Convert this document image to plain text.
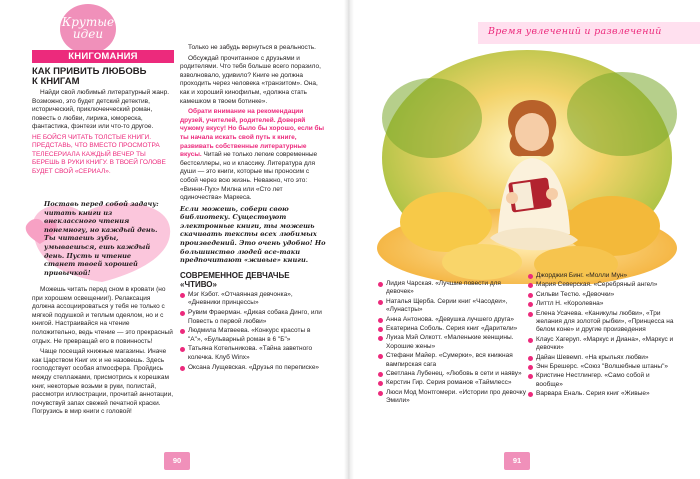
Крутые
идеи
КНИГОМАНИЯ
КАК ПРИВИТЬ ЛЮБОВЬ
К КНИГАМ

Найди свой любимый литературный жанр. Возможно, это будет детский детектив, исторический, приключенческий роман, повесть о любви, лирика, юмореска, фантастика, фэнтези или что-то другое.

НЕ БОЙСЯ ЧИТАТЬ ТОЛСТЫЕ КНИГИ. ПРЕДСТАВЬ, ЧТО ВМЕСТО ПРОСМОТРА ТЕЛЕСЕРИАЛА КАЖДЫЙ ВЕЧЕР ТЫ БЕРЕШЬ В РУКИ КНИГУ. В ТВОЕЙ ГОЛОВЕ БУДЕТ СВОЙ «СЕРИАЛ».

Поставь перед собой задачу: читать книги из внеклассного чтения понемногу, но каждый день. Ты читаешь зубы, умываешься, ешь каждый день. Пусть и чтение станет твоей хорошей привычкой!

Можешь читать перед сном в кровати (но при хорошем освещении!). Релаксация должна ассоциироваться у тебя не только с мягкой подушкой и теплым одеялом, но и с книгой. Настраивайся на чтение положительно, ведь чтение — это прекрасный отдых. Не превращай его в повинность!

Чаще посещай книжные магазины. Иначе как Царством Книг их и не назовешь. Здесь господствует особая атмосфера. Пройдись между стеллажами, присмотрись к корешкам книг, некоторые возьми в руки, полистай, рассмотри иллюстрации, прочитай аннотации, почувствуй запах свежей печатной краски. Погрузись в мир книги с головой!

Только не забудь вернуться в реальность.

Обсуждай прочитанное с друзьями и родителями. Что тебя больше всего поразило, взволновало, удивило? Книге не должна проходить через человека «транзитом». Она, как и хороший кинофильм, «должна стать камешком в твоем ботинке».

Обрати внимание на рекомендации друзей, учителей, родителей. Доверяй чужому вкусу! Но было бы хорошо, если бы ты начала искать свой путь к книге, развивать собственные литературные вкусы. Читай не только легкие современные бестселлеры, но и классику. Литература для души — это книги, которые мы проносим с собой через всю жизнь. Неважно, что это: «Винни-Пух» Милна или «Сто лет одиночества» Маркеса.

Если можешь, собери свою библиотеку. Существуют электронные книги, ты можешь скачивать тексты всех любимых произведений. Это очень удобно! Но большинство людей все-таки предпочитают «живые» книги.

СОВРЕМЕННОЕ ДЕВЧАЧЬЕ
«ЧТИВО»
Мэг Кэбот. «Отчаянная девчонка», «Дневники принцессы»
Рувим Фраерман. «Дикая собака Динго, или Повесть о первой любви»
Людмила Матвеева. «Конкурс красоты в "А"», «Бульварный роман в 6 "Б"»
Татьяна Котельникова. «Тайна заветного колечка. Клуб Winx»
Оксана Лущевская. «Друзья по переписке»
90
Время увлечений и развлечений
Лидия Чарская. «Лучшие повести для девочек»
Наталья Щерба. Серии книг «Часодеи», «Лунастры»
Анна Антонова. «Девушка лучшего друга»
Екатерина Соболь. Серия книг «Дарители»
Луиза Мэй Олкотт. «Маленькие женщины. Хорошие жены»
Стефани Майер. «Сумерки», вся книжная вампирская сага
Светлана Лубенец. «Любовь в сети и наяву»
Керстин Гир. Серия романов «Таймлесс»
Люси Мод Монтгомери. «Истории про девочку Эмили»
Джорджия Бинг. «Молли Мун»
Мария Северская. «Серебряный ангел»
Сильви Тестю. «Девочки»
Литтл Н. «Королевна»
Елена Усачева. «Каникулы любви», «Три желания для золотой рыбки», «Принцесса на белом коне» и другие произведения
Клаус Хагеруп. «Маркус и Диана», «Маркус и девочки»
Дайан Шевемп. «На крыльях любви»
Энн Брешерс. «Союз "Волшебные штаны"»
Кристине Нестлингер. «Само собой и вообще»
Варвара Еналь. Серия книг «Живые»
91
